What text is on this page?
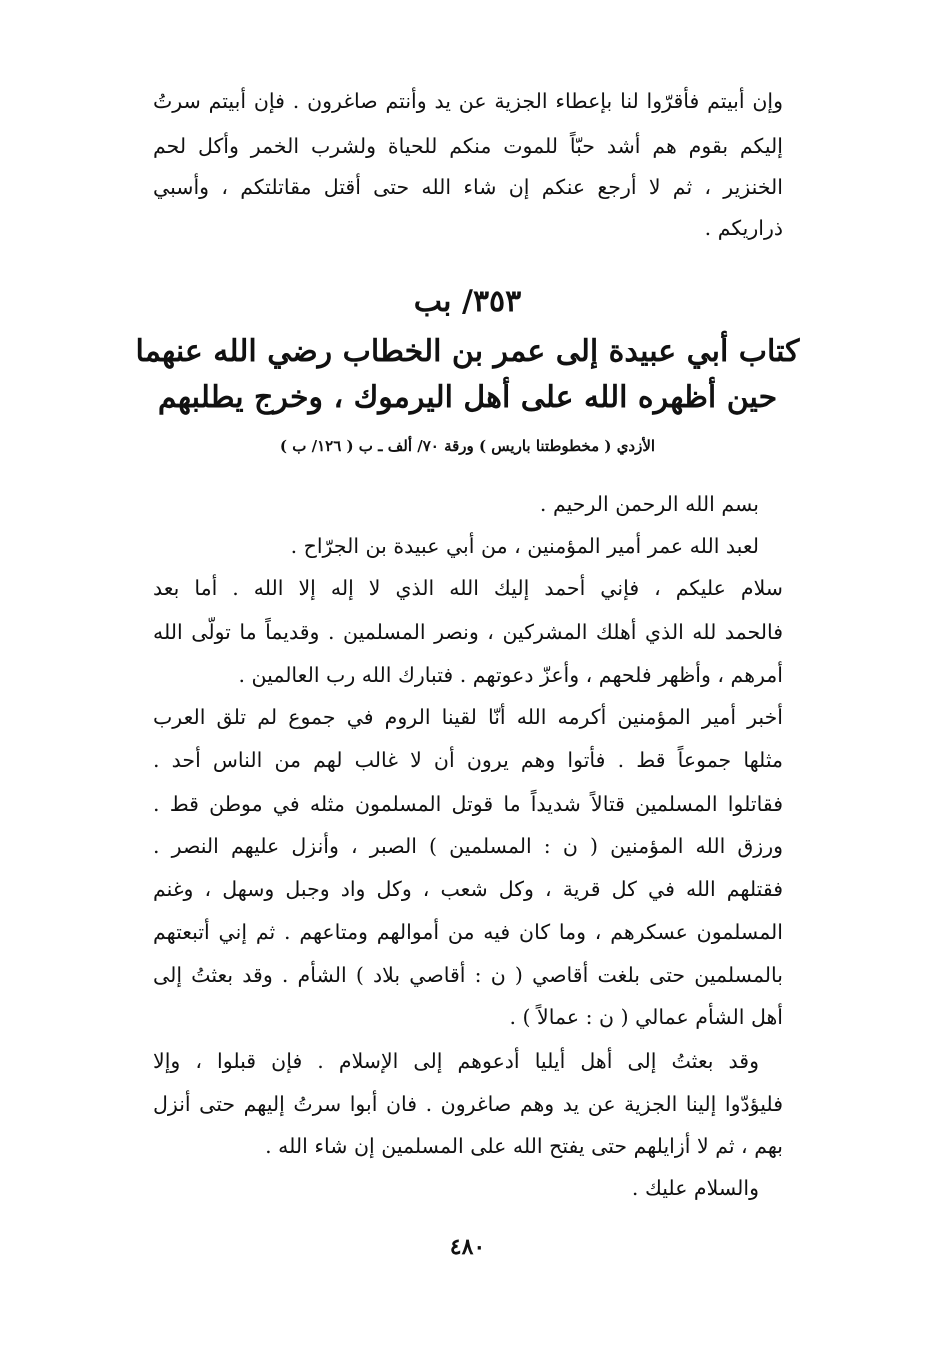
وإن أبيتم فأقرّوا لنا بإعطاء الجزية عن يد وأنتم صاغرون . فإن أبيتم سرتُ
إليكم بقوم هم أشد حبّاً للموت منكم للحياة ولشرب الخمر وأكل لحم
الخنزير ، ثم لا أرجع عنكم إن شاء الله حتى أقتل مقاتلتكم ، وأسبي
ذراريكم .
٣٥٣/ بب
كتاب أبي عبيدة إلى عمر بن الخطاب رضي الله عنهما
حين أظهره الله على أهل اليرموك ، وخرج يطلبهم
الأزدي ( مخطوطتنا باريس ) ورقة ٧٠/ ألف ـ ب ( ١٢٦/ ب )
بسم الله الرحمن الرحيم .
لعبد الله عمر أمير المؤمنين ، من أبي عبيدة بن الجرّاح .
سلام عليكم ، فإني أحمد إليك الله الذي لا إله إلا الله . أما بعد
فالحمد لله الذي أهلك المشركين ، ونصر المسلمين . وقديماً ما تولّى الله
أمرهم ، وأظهر فلحهم ، وأعزّ دعوتهم . فتبارك الله رب العالمين .
أخبر أمير المؤمنين أكرمه الله أنّا لقينا الروم في جموع لم تلق العرب
مثلها جموعاً قط . فأتوا وهم يرون أن لا غالب لهم من الناس أحد .
فقاتلوا المسلمين قتالاً شديداً ما قوتل المسلمون مثله في موطن قط .
ورزق الله المؤمنين ( ن : المسلمين ) الصبر ، وأنزل عليهم النصر .
فقتلهم الله في كل قرية ، وكل شعب ، وكل واد وجبل وسهل ، وغنم
المسلمون عسكرهم ، وما كان فيه من أموالهم ومتاعهم . ثم إني أتبعتهم
بالمسلمين حتى بلغت أقاصي ( ن : أقاصي بلاد ) الشأم . وقد بعثتُ إلى
أهل الشأم عمالي ( ن : عمالاً ) .
وقد بعثتُ إلى أهل أيليا أدعوهم إلى الإسلام . فإن قبلوا ، وإلا
فليؤدّوا إلينا الجزية عن يد وهم صاغرون . فان أبوا سرتُ إليهم حتى أنزل
بهم ، ثم لا أزايلهم حتى يفتح الله على المسلمين إن شاء الله .
والسلام عليك .
٤٨٠
